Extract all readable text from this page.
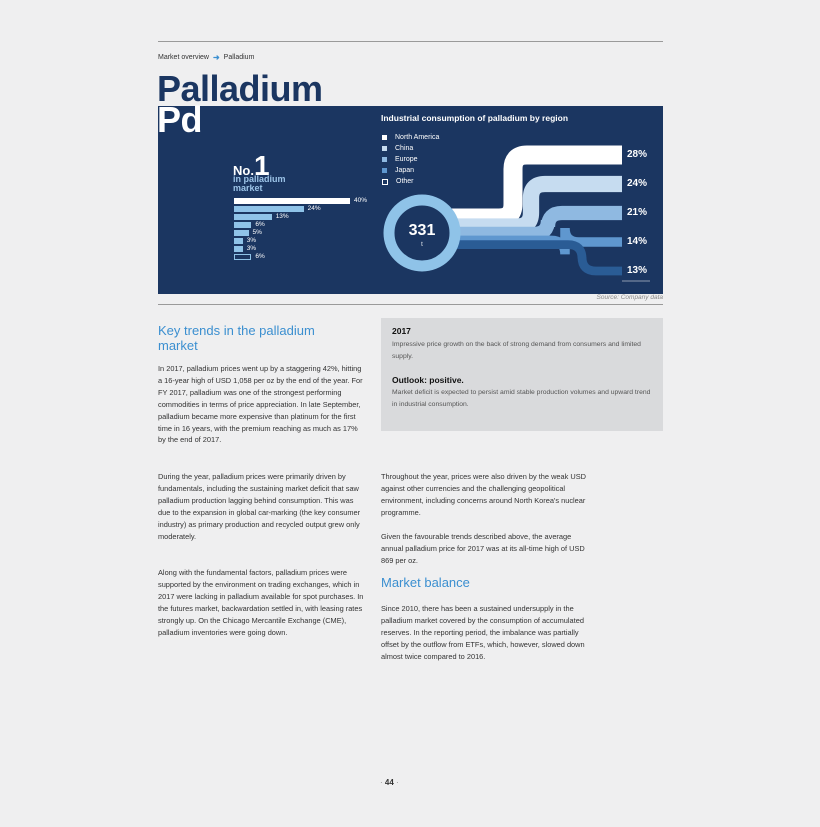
Market overview ➜ Palladium
Palladium
Pd
No.1
in palladium
market
40%
24%
13%
6%
5%
3%
3%
6%
Industrial consumption of palladium by region
North America
China
Europe
Japan
Other
331
t
28%
24%
21%
14%
13%
Source: Company data
Key trends in the palladium market
In 2017, palladium prices went up by a staggering 42%, hitting a 16-year high of USD 1,058 per oz by the end of the year. For FY 2017, palladium was one of the strongest performing commodities in terms of price appreciation. In late September, palladium became more expensive than platinum for the first time in 16 years, with the premium reaching as much as 17% by the end of 2017.
During the year, palladium prices were primarily driven by fundamentals, including the sustaining market deficit that saw palladium production lagging behind consumption. This was due to the expansion in global car-marking (the key consumer industry) as primary production and recycled output grew only moderately.
Along with the fundamental factors, palladium prices were supported by the environment on trading exchanges, which in 2017 were lacking in palladium available for spot purchases. In the futures market, backwardation settled in, with leasing rates strongly up. On the Chicago Mercantile Exchange (CME), palladium inventories were going down.
2017
Impressive price growth on the back of strong demand from consumers and limited supply.
Outlook: positive.
Market deficit is expected to persist amid stable production volumes and upward trend in industrial consumption.
Throughout the year, prices were also driven by the weak USD against other currencies and the challenging geopolitical environment, including concerns around North Korea's nuclear programme.
Given the favourable trends described above, the average annual palladium price for 2017 was at its all-time high of USD 869 per oz.
Market balance
Since 2010, there has been a sustained undersupply in the palladium market covered by the consumption of accumulated reserves. In the reporting period, the imbalance was partially offset by the outflow from ETFs, which, however, slowed down almost twice compared to 2016.
· 44 ·
